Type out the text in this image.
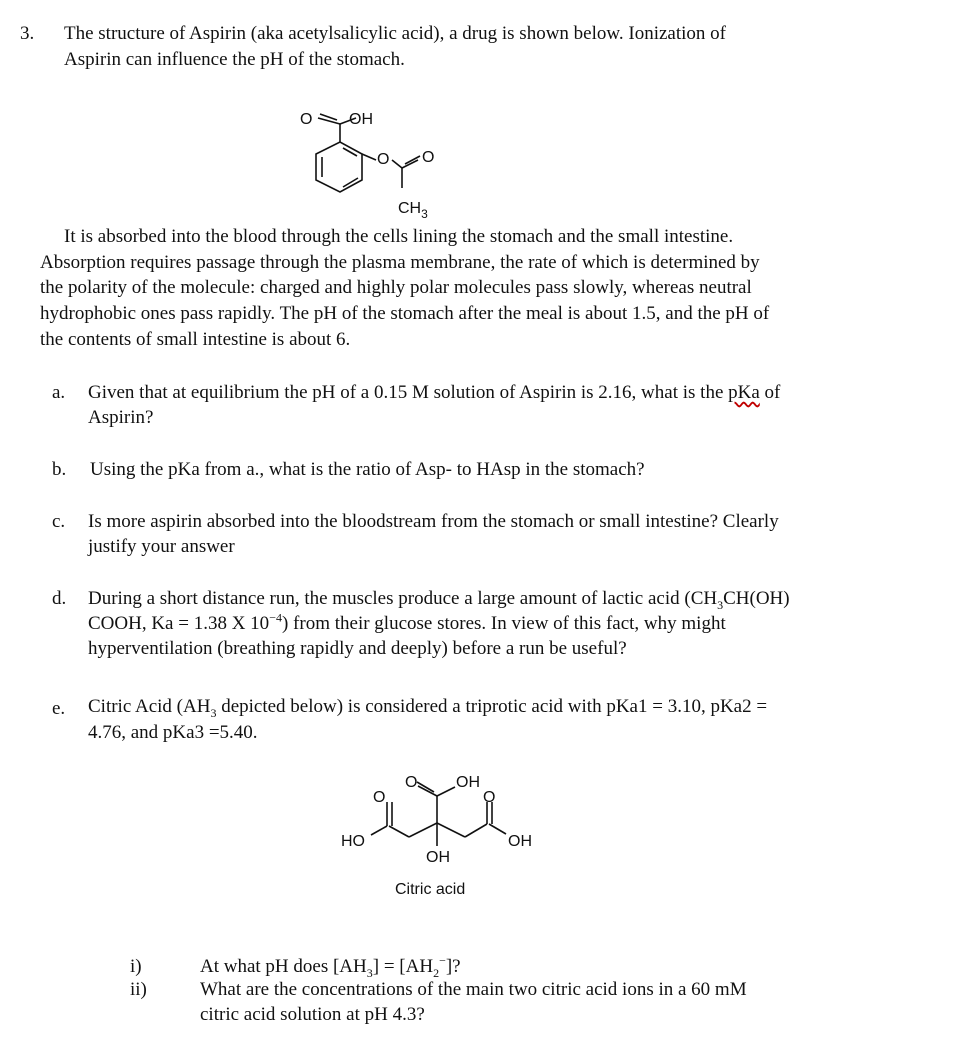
3. The structure of Aspirin (aka acetylsalicylic acid), a drug is shown below. Ionization of
Aspirin can influence the pH of the stomach.
O OH
O O
$CH_3$
It is absorbed into the blood through the cells lining the stomach and the small intestine.
Absorption requires passage through the plasma membrane, the rate of which is determined by
the polarity of the molecule: charged and highly polar molecules pass slowly, whereas neutral
hydrophobic ones pass rapidly. The pH of the stomach after the meal is about 1.5, and the pH of
the contents of small intestine is about 6.
a. Given that at equilibrium the pH of a 0.15 M solution of Aspirin is 2.16, what is the pKa of
Aspirin?
b. Using the pKa from a., what is the ratio of Asp- to HAsp in the stomach?
c. Is more aspirin absorbed into the bloodstream from the stomach or small intestine? Clearly
justify your answer
d. During a short distance run, the muscles produce a large amount of lactic acid ($CH_3CH(OH)$
COOH, Ka = 1.38 X $10^{-4}$) from their glucose stores. In view of this fact, why might
hyperventilation (breathing rapidly and deeply) before a run be useful?
e. Citric Acid ($AH_3$ depicted below) is considered a triprotic acid with pKa1 = 3.10, pKa2 =
4.76, and pKa3 =5.40.
O OH
O	O
HO	OH
OH
Citric acid
i)	At what pH does $[AH_3] = [AH_2^-]$?
ii)	What are the concentrations of the main two citric acid ions in a 60 mM
citric acid solution at pH 4.3?
